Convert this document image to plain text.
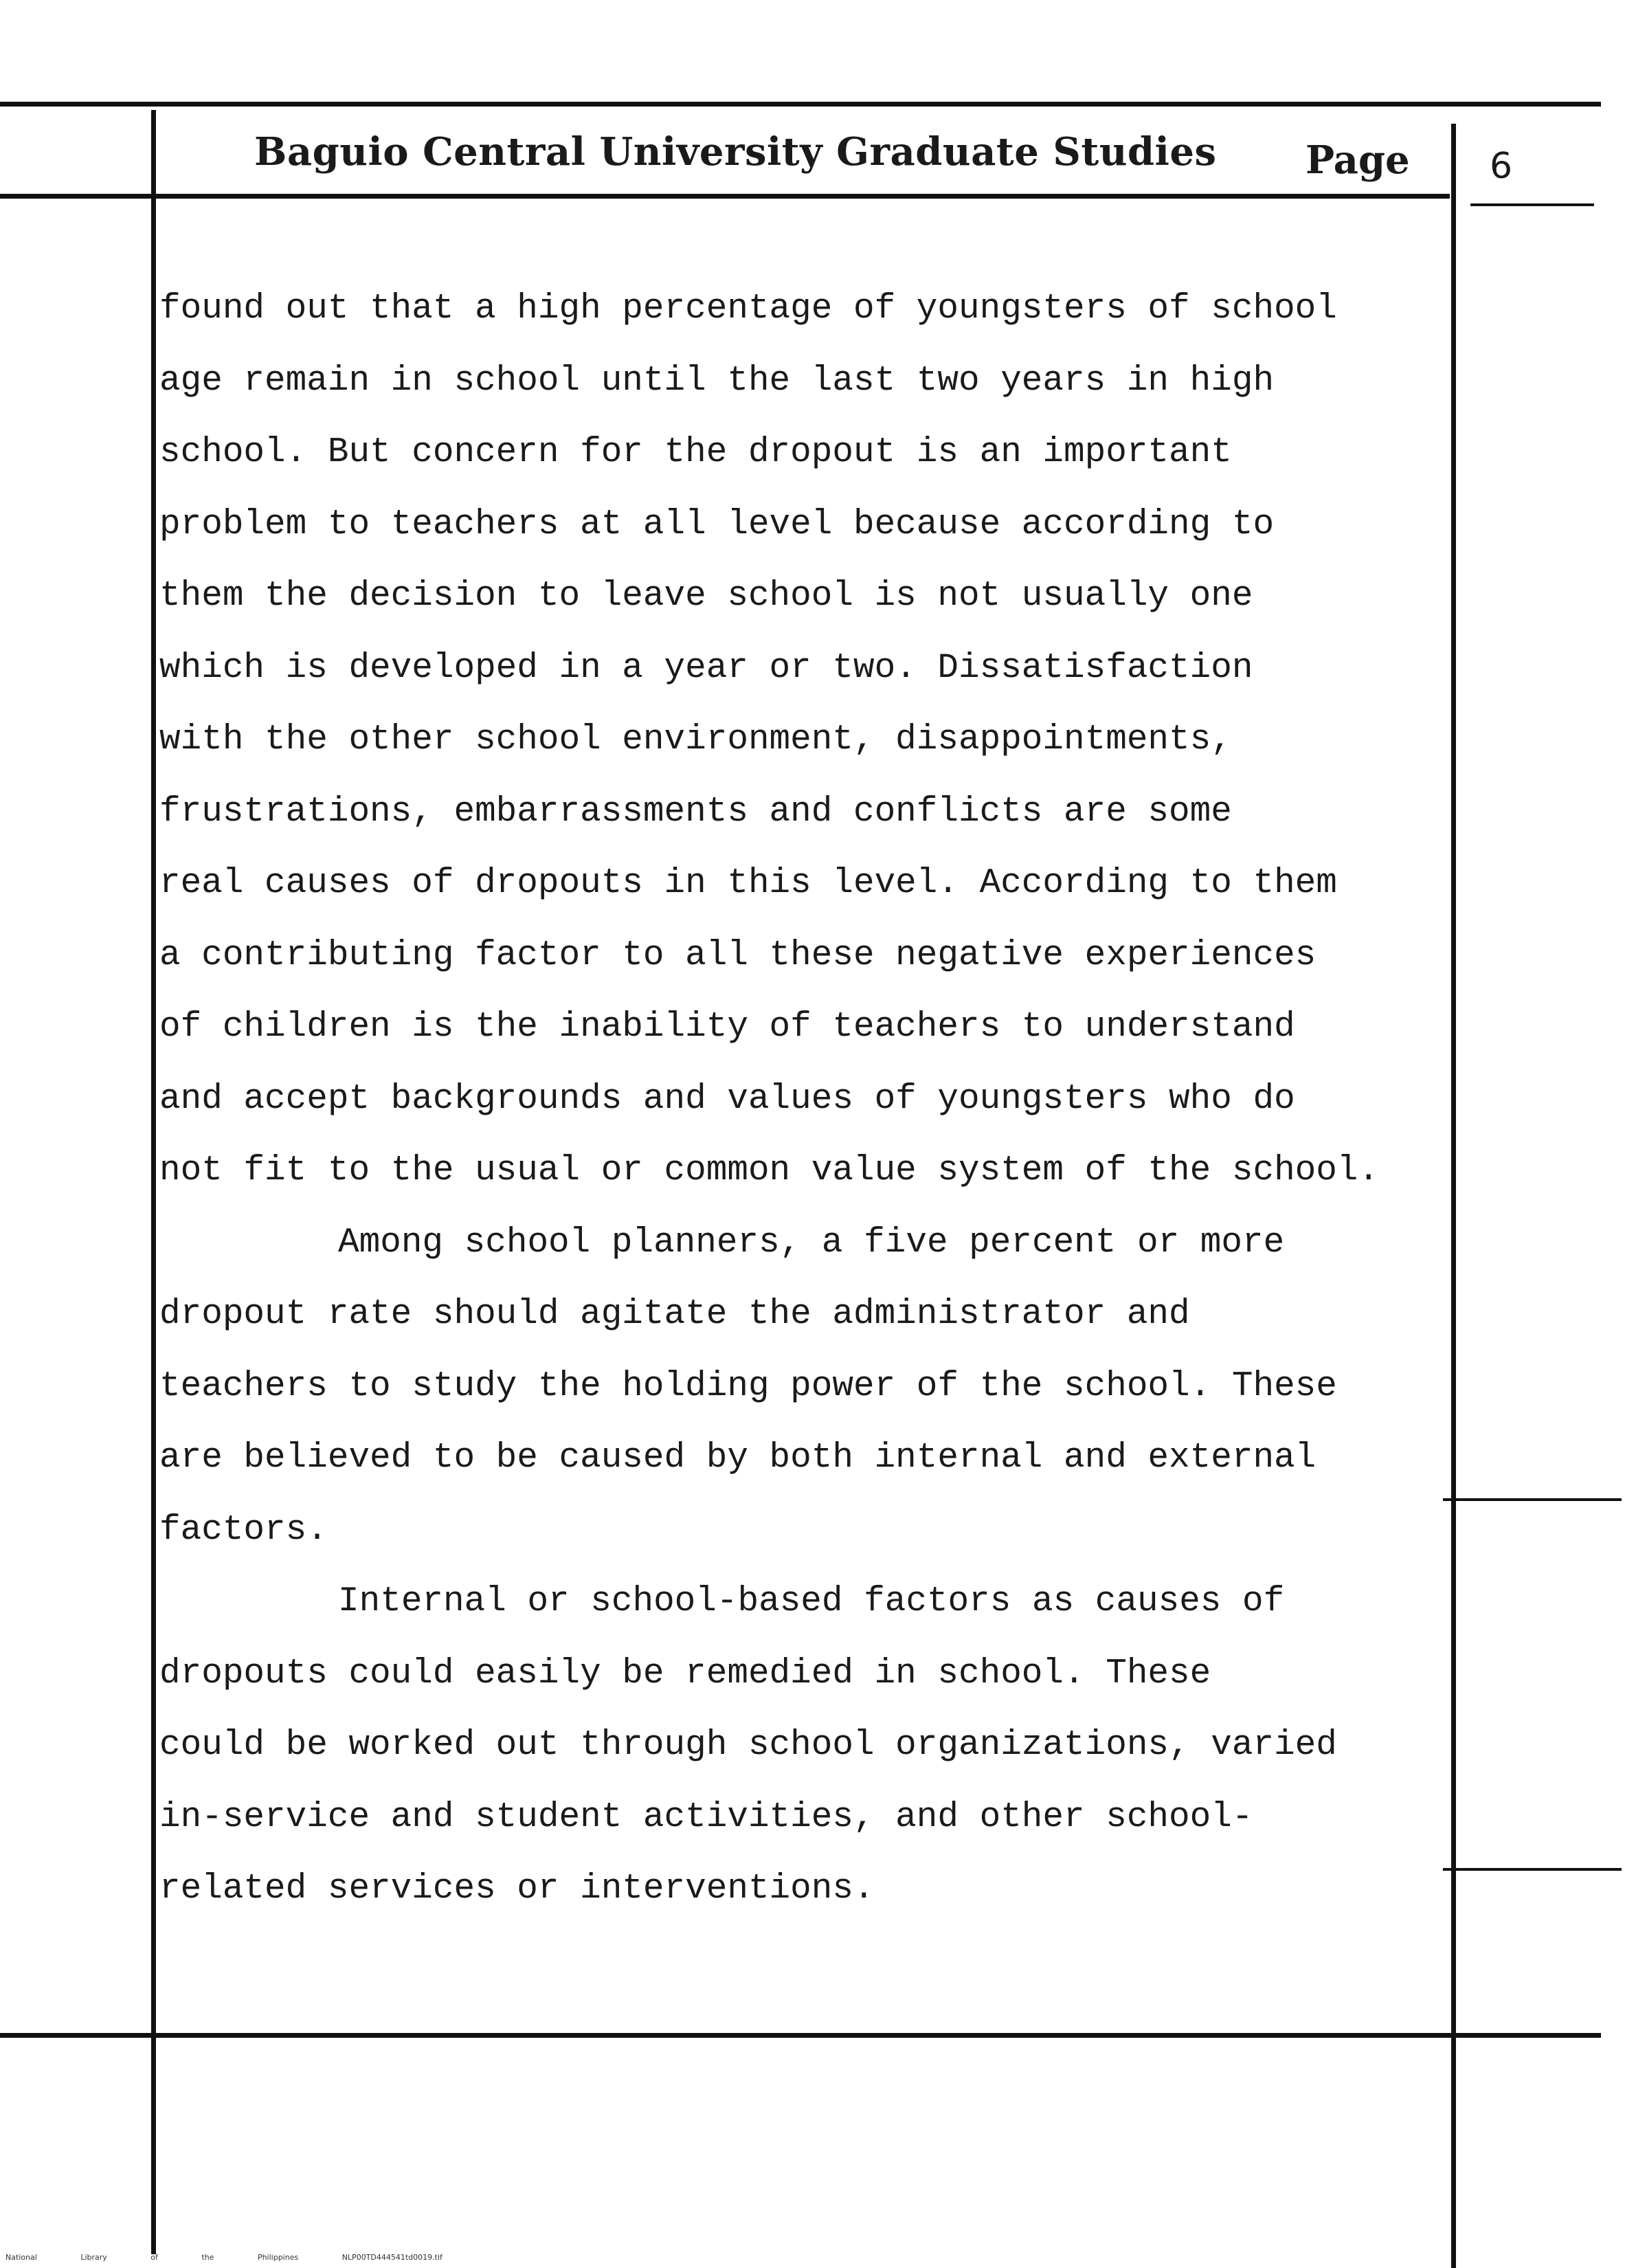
Baguio Central University Graduate Studies Page 6
found out that a high percentage of youngsters of school
age remain in school until the last two years in high
school. But concern for the dropout is an important
problem to teachers at all level because according to
them the decision to leave school is not usually one
which is developed in a year or two. Dissatisfaction
with the other school environment, disappointments,
frustrations, embarrassments and conflicts are some
real causes of dropouts in this level. According to them
a contributing factor to all these negative experiences
of children is the inability of teachers to understand
and accept backgrounds and values of youngsters who do
not fit to the usual or common value system of the school.
Among school planners, a five percent or more
dropout rate should agitate the administrator and
teachers to study the holding power of the school. These
are believed to be caused by both internal and external
factors.
Internal or school-based factors as causes of
dropouts could easily be remedied in school. These
could be worked out through school organizations, varied
in-service and student activities, and other school-
related services or interventions.
National Library of the Philippines NLP00TD444541td0019.tif
